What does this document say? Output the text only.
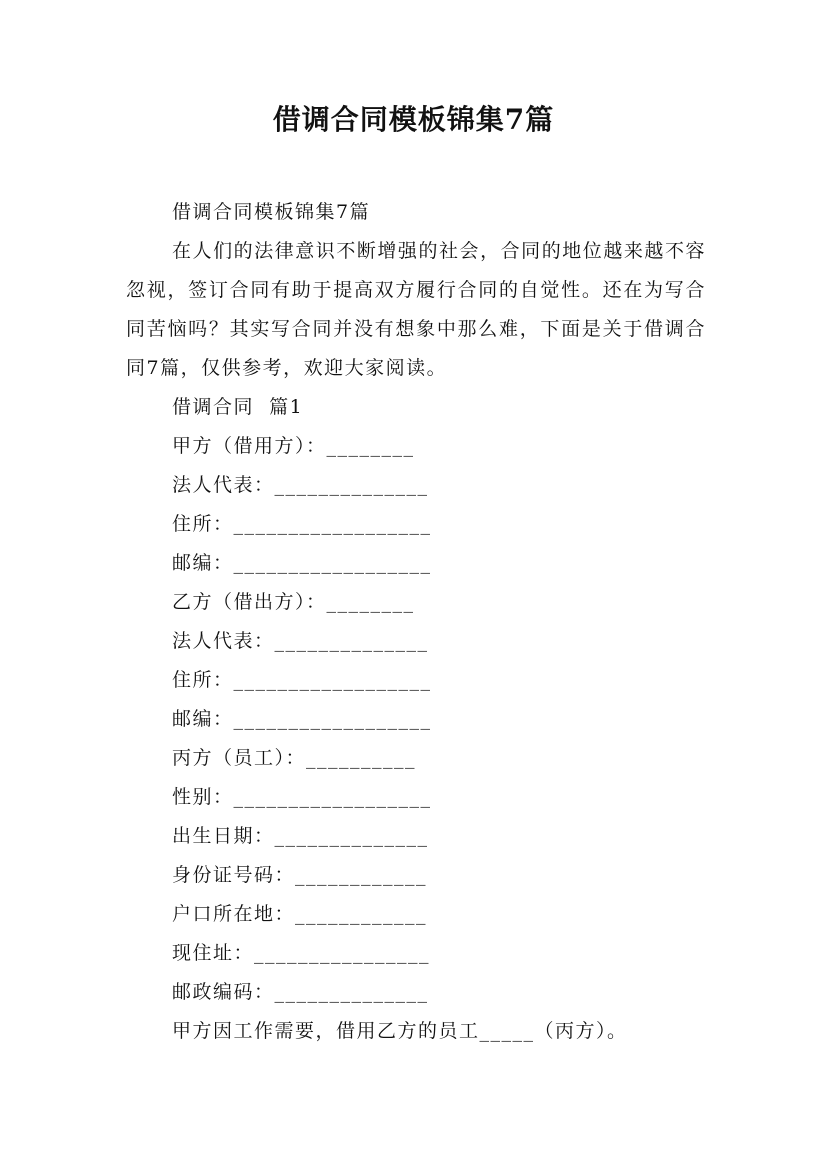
借调合同模板锦集7篇

借调合同模板锦集7篇

在人们的法律意识不断增强的社会，合同的地位越来越不容忽视，签订合同有助于提高双方履行合同的自觉性。还在为写合同苦恼吗？其实写合同并没有想象中那么难，下面是关于借调合同7篇，仅供参考，欢迎大家阅读。

借调合同  篇1

甲方（借用方）：________

法人代表：______________

住所：__________________

邮编：__________________

乙方（借出方）：________

法人代表：______________

住所：__________________

邮编：__________________

丙方（员工）：__________

性别：__________________

出生日期：______________

身份证号码：____________

户口所在地：____________

现住址：________________

邮政编码：______________

甲方因工作需要，借用乙方的员工_____（丙方）。
